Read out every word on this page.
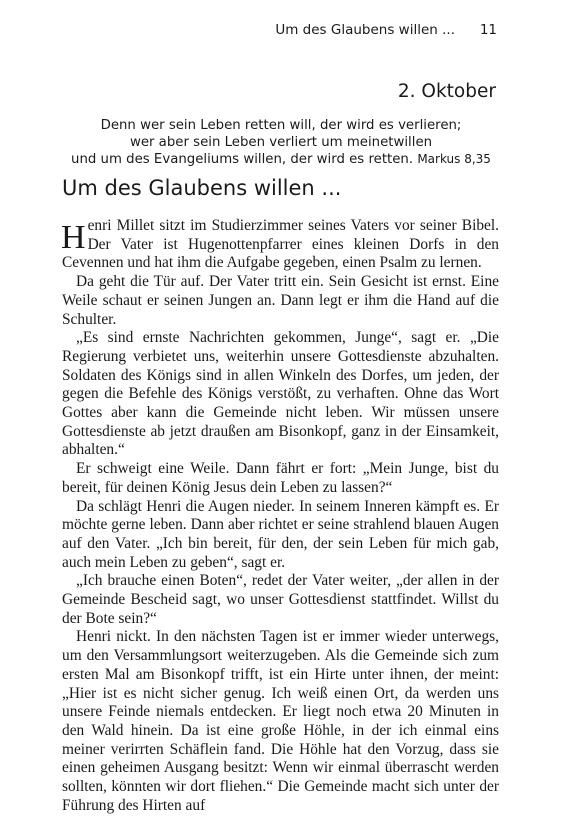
Um des Glaubens willen ... 11
2. Oktober
Denn wer sein Leben retten will, der wird es verlieren;
wer aber sein Leben verliert um meinetwillen
und um des Evangeliums willen, der wird es retten. Markus 8,35
Um des Glaubens willen ...

Henri Millet sitzt im Studierzimmer seines Vaters vor seiner Bibel. Der Vater ist Hugenottenpfarrer eines kleinen Dorfs in den Cevennen und hat ihm die Aufgabe gegeben, einen Psalm zu lernen.

Da geht die Tür auf. Der Vater tritt ein. Sein Gesicht ist ernst. Eine Weile schaut er seinen Jungen an. Dann legt er ihm die Hand auf die Schulter.

„Es sind ernste Nachrichten gekommen, Junge“, sagt er. „Die Regierung verbietet uns, weiterhin unsere Gottesdienste abzuhalten. Soldaten des Königs sind in allen Winkeln des Dorfes, um jeden, der gegen die Befehle des Königs verstößt, zu verhaften. Ohne das Wort Gottes aber kann die Gemeinde nicht leben. Wir müssen unsere Gottesdienste ab jetzt draußen am Bisonkopf, ganz in der Einsamkeit, abhalten.“

Er schweigt eine Weile. Dann fährt er fort: „Mein Junge, bist du bereit, für deinen König Jesus dein Leben zu lassen?“

Da schlägt Henri die Augen nieder. In seinem Inneren kämpft es. Er möchte gerne leben. Dann aber richtet er seine strahlend blauen Augen auf den Vater. „Ich bin bereit, für den, der sein Leben für mich gab, auch mein Leben zu geben“, sagt er.

„Ich brauche einen Boten“, redet der Vater weiter, „der allen in der Gemeinde Bescheid sagt, wo unser Gottesdienst stattfindet. Willst du der Bote sein?“

Henri nickt. In den nächsten Tagen ist er immer wieder unterwegs, um den Versammlungsort weiterzugeben. Als die Gemeinde sich zum ersten Mal am Bisonkopf trifft, ist ein Hirte unter ihnen, der meint: „Hier ist es nicht sicher genug. Ich weiß einen Ort, da werden uns unsere Feinde niemals entdecken. Er liegt noch etwa 20 Minuten in den Wald hinein. Da ist eine große Höhle, in der ich einmal eins meiner verirrten Schäflein fand. Die Höhle hat den Vorzug, dass sie einen geheimen Ausgang besitzt: Wenn wir einmal überrascht werden sollten, könnten wir dort fliehen.“ Die Gemeinde macht sich unter der Führung des Hirten auf
